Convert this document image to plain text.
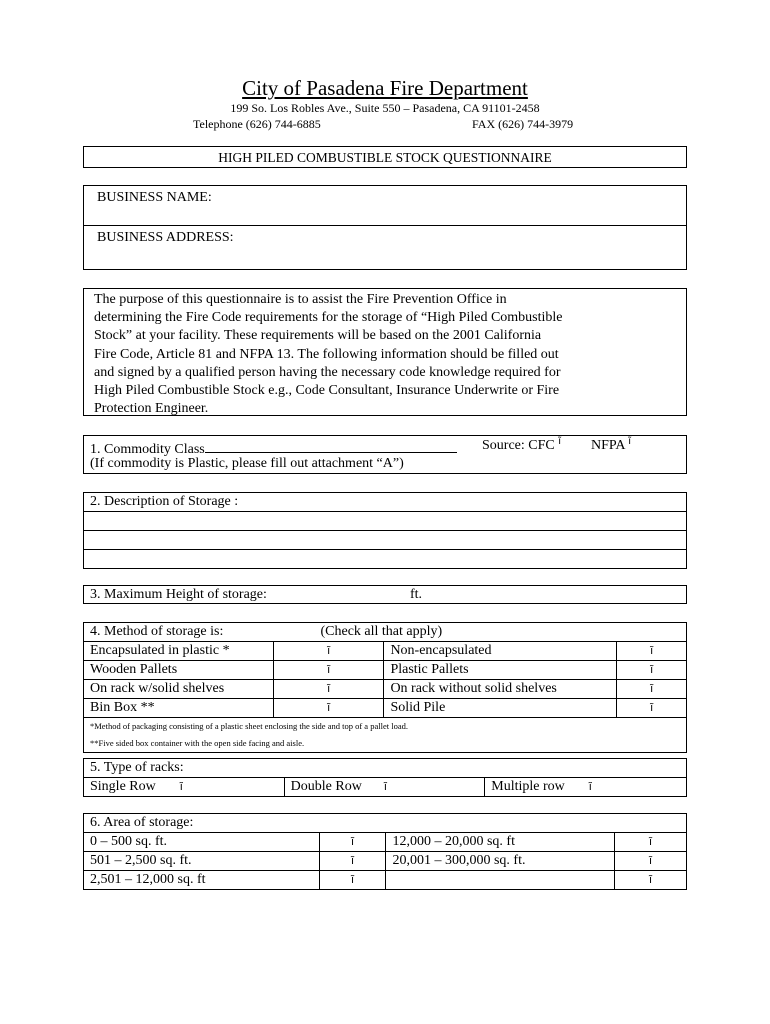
City of Pasadena Fire Department
199 So. Los Robles Ave., Suite 550 – Pasadena, CA 91101-2458
Telephone (626) 744-6885	FAX (626) 744-3979
HIGH PILED COMBUSTIBLE STOCK QUESTIONNAIRE
BUSINESS NAME:
BUSINESS ADDRESS:
The purpose of this questionnaire is to assist the Fire Prevention Office in
determining the Fire Code requirements for the storage of “High Piled Combustible
Stock” at your facility. These requirements will be based on the 2001 California
Fire Code, Article 81 and NFPA 13. The following information should be filled out
and signed by a qualified person having the necessary code knowledge required for
High Piled Combustible Stock e.g., Code Consultant, Insurance Underwrite or Fire
Protection Engineer.
1. Commodity Class	Source: CFC $^ĩ$ NFPA $^ĩ$
(If commodity is Plastic, please fill out attachment “A”)
2. Description of Storage :
3. Maximum Height of storage:	ft.
4. Method of storage is: (Check all that apply)			

Encapsulated in plastic *	ĩ	Non-encapsulated	ĩ
Wooden Pallets	ĩ	Plastic Pallets	ĩ
On rack w/solid shelves	ĩ	On rack without solid shelves	ĩ
Bin Box **	ĩ	Solid Pile	ĩ

*Method of packaging consisting of a plastic sheet enclosing the side and top of a pallet load.
**Five sided box container with the open side facing and aisle.			
5. Type of racks:
Single Row ĩ	Double Row ĩ	Multiple row ĩ
6. Area of storage:			
0 – 500 sq. ft.	ĩ	12,000 – 20,000 sq. ft	ĩ
501 – 2,500 sq. ft.	ĩ	20,001 – 300,000 sq. ft.	ĩ
2,501 – 12,000 sq. ft	ĩ		ĩ
